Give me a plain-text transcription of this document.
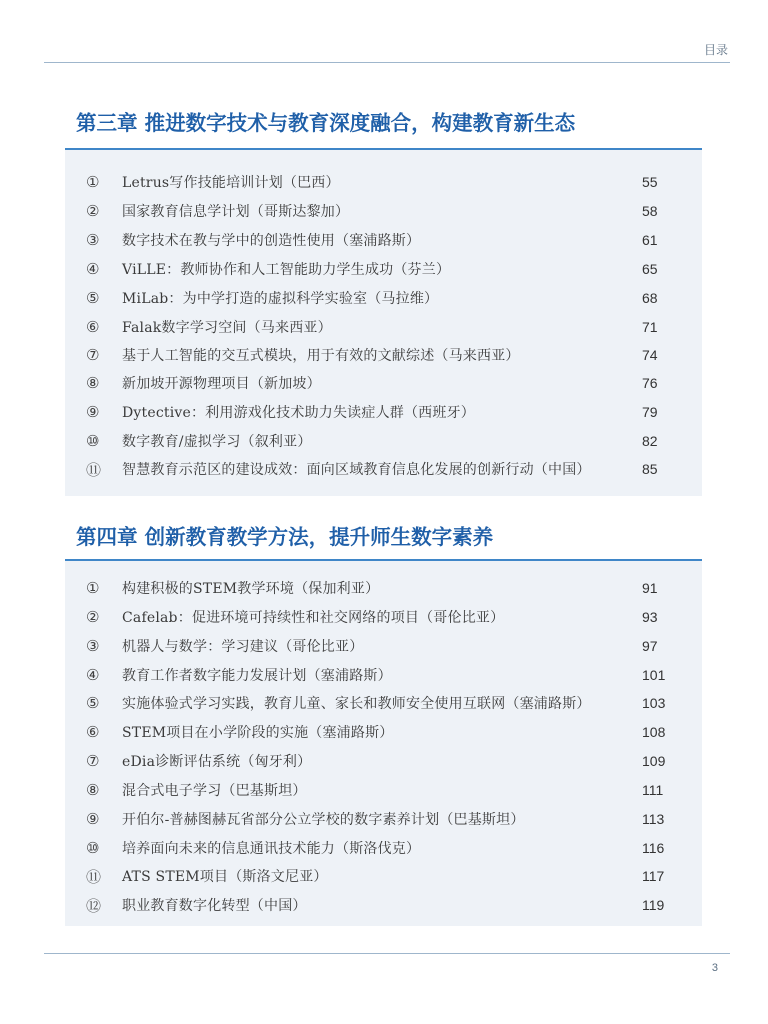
目录
第三章 推进数字技术与教育深度融合，构建教育新生态
①	Letrus写作技能培训计划（巴西）	55
②	国家教育信息学计划（哥斯达黎加）	58
③	数字技术在教与学中的创造性使用（塞浦路斯）	61
④	ViLLE：教师协作和人工智能助力学生成功（芬兰）	65
⑤	MiLab：为中学打造的虚拟科学实验室（马拉维）	68
⑥	Falak数字学习空间（马来西亚）	71
⑦	基于人工智能的交互式模块，用于有效的文献综述（马来西亚）	74
⑧	新加坡开源物理项目（新加坡）	76
⑨	Dytective：利用游戏化技术助力失读症人群（西班牙）	79
⑩	数字教育/虚拟学习（叙利亚）	82
⑪	智慧教育示范区的建设成效：面向区域教育信息化发展的创新行动（中国）	85
第四章 创新教育教学方法，提升师生数字素养
①	构建积极的STEM教学环境（保加利亚）	91
②	Cafelab：促进环境可持续性和社交网络的项目（哥伦比亚）	93
③	机器人与数学：学习建议（哥伦比亚）	97
④	教育工作者数字能力发展计划（塞浦路斯）	101
⑤	实施体验式学习实践，教育儿童、家长和教师安全使用互联网（塞浦路斯）	103
⑥	STEM项目在小学阶段的实施（塞浦路斯）	108
⑦	eDia诊断评估系统（匈牙利）	109
⑧	混合式电子学习（巴基斯坦）	111
⑨	开伯尔-普赫图赫瓦省部分公立学校的数字素养计划（巴基斯坦）	113
⑩	培养面向未来的信息通讯技术能力（斯洛伐克）	116
⑪	ATS STEM项目（斯洛文尼亚）	117
⑫	职业教育数字化转型（中国）	119
3
